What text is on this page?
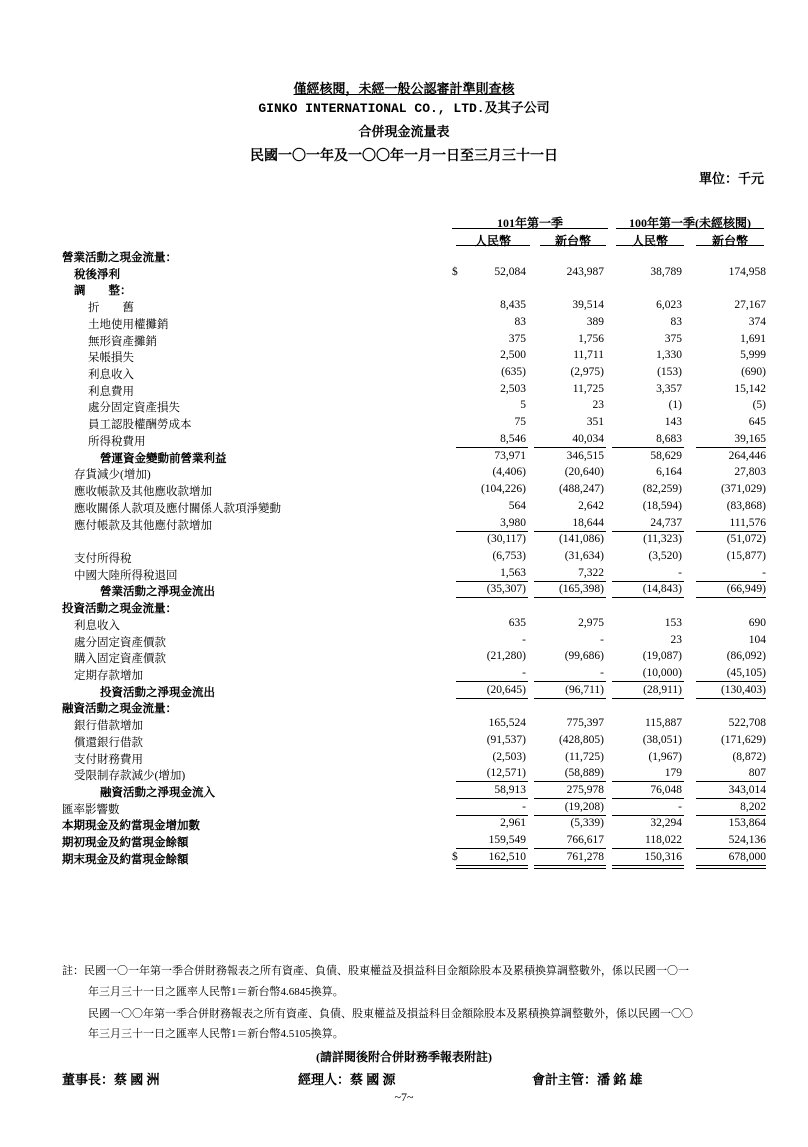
僅經核閱，未經一般公認審計準則查核
GINKO INTERNATIONAL CO., LTD.及其子公司
合併現金流量表
民國一〇一年及一〇〇年一月一日至三月三十一日
單位：千元
101年第一季	100年第一季(未經核閱)
人民幣	新台幣	人民幣	新台幣
營業活動之現金流量：
稅後淨利	$	52,084	243,987	38,789	174,958
調　　整：
折　　舊	8,435	39,514	6,023	27,167
土地使用權攤銷	83	389	83	374
無形資產攤銷	375	1,756	375	1,691
呆帳損失	2,500	11,711	1,330	5,999
利息收入	(635)	(2,975)	(153)	(690)
利息費用	2,503	11,725	3,357	15,142
處分固定資產損失	5	23	(1)	(5)
員工認股權酬勞成本	75	351	143	645
所得稅費用	8,546	40,034	8,683	39,165
營運資金變動前營業利益	73,971	346,515	58,629	264,446
存貨減少(增加)	(4,406)	(20,640)	6,164	27,803
應收帳款及其他應收款增加	(104,226)	(488,247)	(82,259)	(371,029)
應收關係人款項及應付關係人款項淨變動	564	2,642	(18,594)	(83,868)
應付帳款及其他應付款增加	3,980	18,644	24,737	111,576
(30,117)	(141,086)	(11,323)	(51,072)
支付所得稅	(6,753)	(31,634)	(3,520)	(15,877)
中國大陸所得稅退回	1,563	7,322	-	-
營業活動之淨現金流出	(35,307)	(165,398)	(14,843)	(66,949)
投資活動之現金流量：
利息收入	635	2,975	153	690
處分固定資產價款	-	-	23	104
購入固定資產價款	(21,280)	(99,686)	(19,087)	(86,092)
定期存款增加	-	-	(10,000)	(45,105)
投資活動之淨現金流出	(20,645)	(96,711)	(28,911)	(130,403)
融資活動之現金流量：
銀行借款增加	165,524	775,397	115,887	522,708
償還銀行借款	(91,537)	(428,805)	(38,051)	(171,629)
支付財務費用	(2,503)	(11,725)	(1,967)	(8,872)
受限制存款減少(增加)	(12,571)	(58,889)	179	807
融資活動之淨現金流入	58,913	275,978	76,048	343,014
匯率影響數	-	(19,208)	-	8,202
本期現金及約當現金增加數	2,961	(5,339)	32,294	153,864
期初現金及約當現金餘額	159,549	766,617	118,022	524,136
期末現金及約當現金餘額	$	162,510	761,278	150,316	678,000
註：民國一〇一年第一季合併財務報表之所有資產、負債、股東權益及損益科目金額除股本及累積換算調整數外，係以民國一〇一
年三月三十一日之匯率人民幣1＝新台幣4.6845換算。
民國一〇〇年第一季合併財務報表之所有資產、負債、股東權益及損益科目金額除股本及累積換算調整數外，係以民國一〇〇
年三月三十一日之匯率人民幣1＝新台幣4.5105換算。
(請詳閱後附合併財務季報表附註)
董事長：蔡 國 洲	經理人：蔡 國 源	會計主管：潘 銘 雄
~7~
